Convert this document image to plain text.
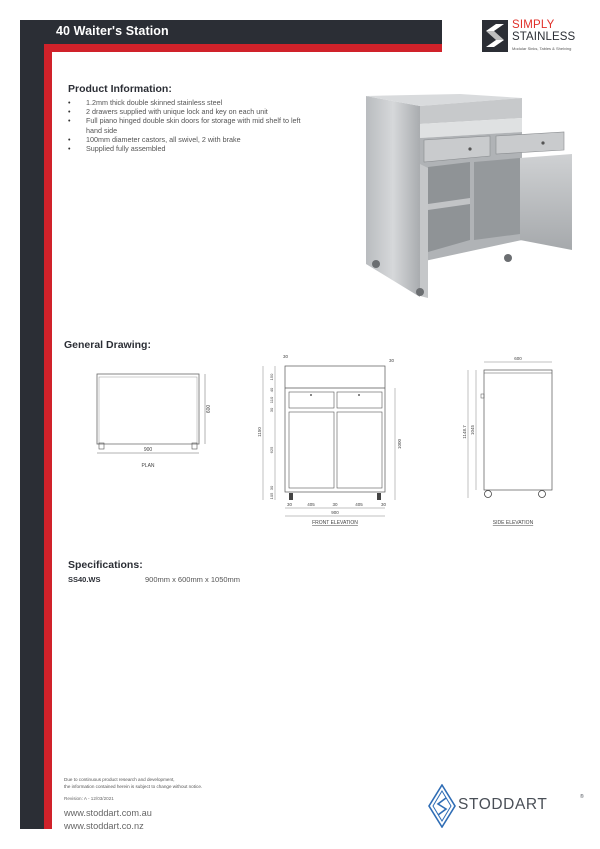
40 Waiter's Station	SIMPLY
STAINLESS
Modular Sinks, Tables & Shelving
Product Information:
• 1.2mm thick double skinned stainless steel
• 2 drawers supplied with unique lock and key on each unit
• Full piano hinged double skin doors for storage with mid shelf to left hand side
• 100mm diameter castors, all swivel, 2 with brake
• Supplied fully assembled
General Drawing:
900
600
PLAN
30
30
150
40
110
30
625
30
105
1150
1000
30	405	30	405	30
900
FRONT ELEVATION
600
1148.7 1045
SIDE ELEVATION
Specifications:
SS40.WS	900mm x 600mm x 1050mm
Due to continuous product research and development,
the information contained herein is subject to change without notice.
Revision: A - 12/03/2021
www.stoddart.com.au
www.stoddart.co.nz
STODDART	®
